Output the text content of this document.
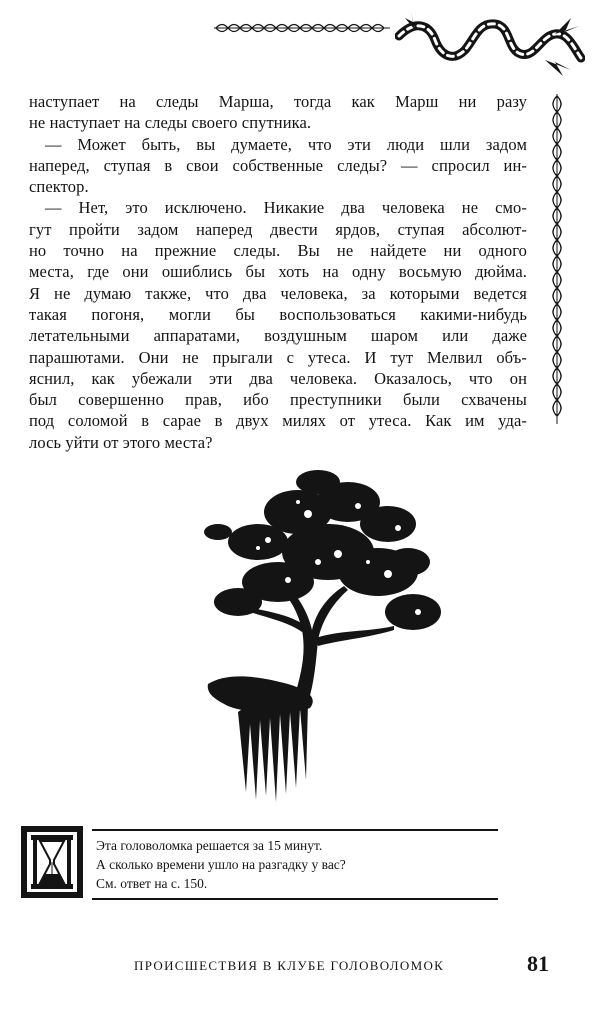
наступает на следы Марша, тогда как Марш ни разу
не наступает на следы своего спутника.
— Может быть, вы думаете, что эти люди шли задом
наперед, ступая в свои собственные следы? — спросил ин-
спектор.
— Нет, это исключено. Никакие два человека не смо-
гут пройти задом наперед двести ярдов, ступая абсолют-
но точно на прежние следы. Вы не найдете ни одного
места, где они ошиблись бы хоть на одну восьмую дюйма.
Я не думаю также, что два человека, за которыми ведется
такая погоня, могли бы воспользоваться какими-нибудь
летательными аппаратами, воздушным шаром или даже
парашютами. Они не прыгали с утеса. И тут Мелвил объ-
яснил, как убежали эти два человека. Оказалось, что он
был совершенно прав, ибо преступники были схвачены
под соломой в сарае в двух милях от утеса. Как им уда-
лось уйти от этого места?
Эта головоломка решается за 15 минут.
А сколько времени ушло на разгадку у вас?
См. ответ на с. 150.
ПРОИСШЕСТВИЯ В КЛУБЕ ГОЛОВОЛОМОК	81
